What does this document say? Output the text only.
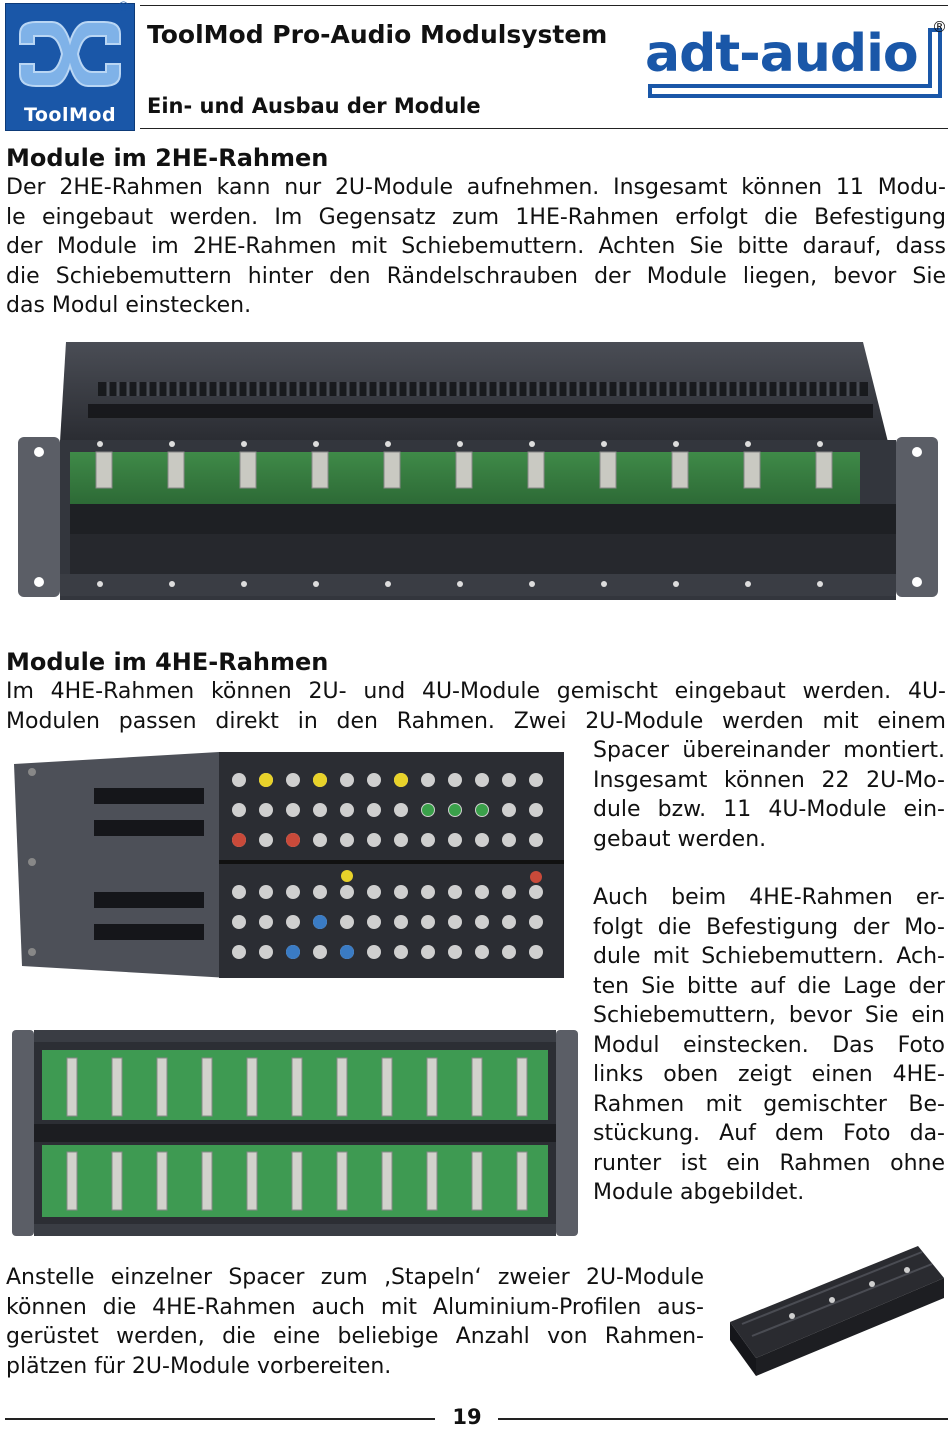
ToolMod
®
ToolMod Pro-Audio Modulsystem
Ein- und Ausbau der Module
adt-audio ®
Module im 2HE-Rahmen
Der 2HE-Rahmen kann nur 2U-Module aufnehmen. Insgesamt können 11 Modu-
le eingebaut werden. Im Gegensatz zum 1HE-Rahmen erfolgt die Befestigung
der Module im 2HE-Rahmen mit Schiebemuttern. Achten Sie bitte darauf, dass
die Schiebemuttern hinter den Rändelschrauben der Module liegen, bevor Sie
das Modul einstecken.
Module im 4HE-Rahmen
Im 4HE-Rahmen können 2U- und 4U-Module gemischt eingebaut werden. 4U-
Modulen passen direkt in den Rahmen. Zwei 2U-Module werden mit einem
Spacer übereinander montiert.
Insgesamt können 22 2U-Mo-
dule bzw. 11 4U-Module ein-
gebaut werden.
Auch beim 4HE-Rahmen er-
folgt die Befestigung der Mo-
dule mit Schiebemuttern. Ach-
ten Sie bitte auf die Lage der
Schiebemuttern, bevor Sie ein
Modul einstecken. Das Foto
links oben zeigt einen 4HE-
Rahmen mit gemischter Be-
stückung. Auf dem Foto da-
runter ist ein Rahmen ohne
Module abgebildet.
Anstelle einzelner Spacer zum ‚Stapeln‘ zweier 2U-Module
können die 4HE-Rahmen auch mit Aluminium-Profilen aus-
gerüstet werden, die eine beliebige Anzahl von Rahmen-
plätzen für 2U-Module vorbereiten.
19
